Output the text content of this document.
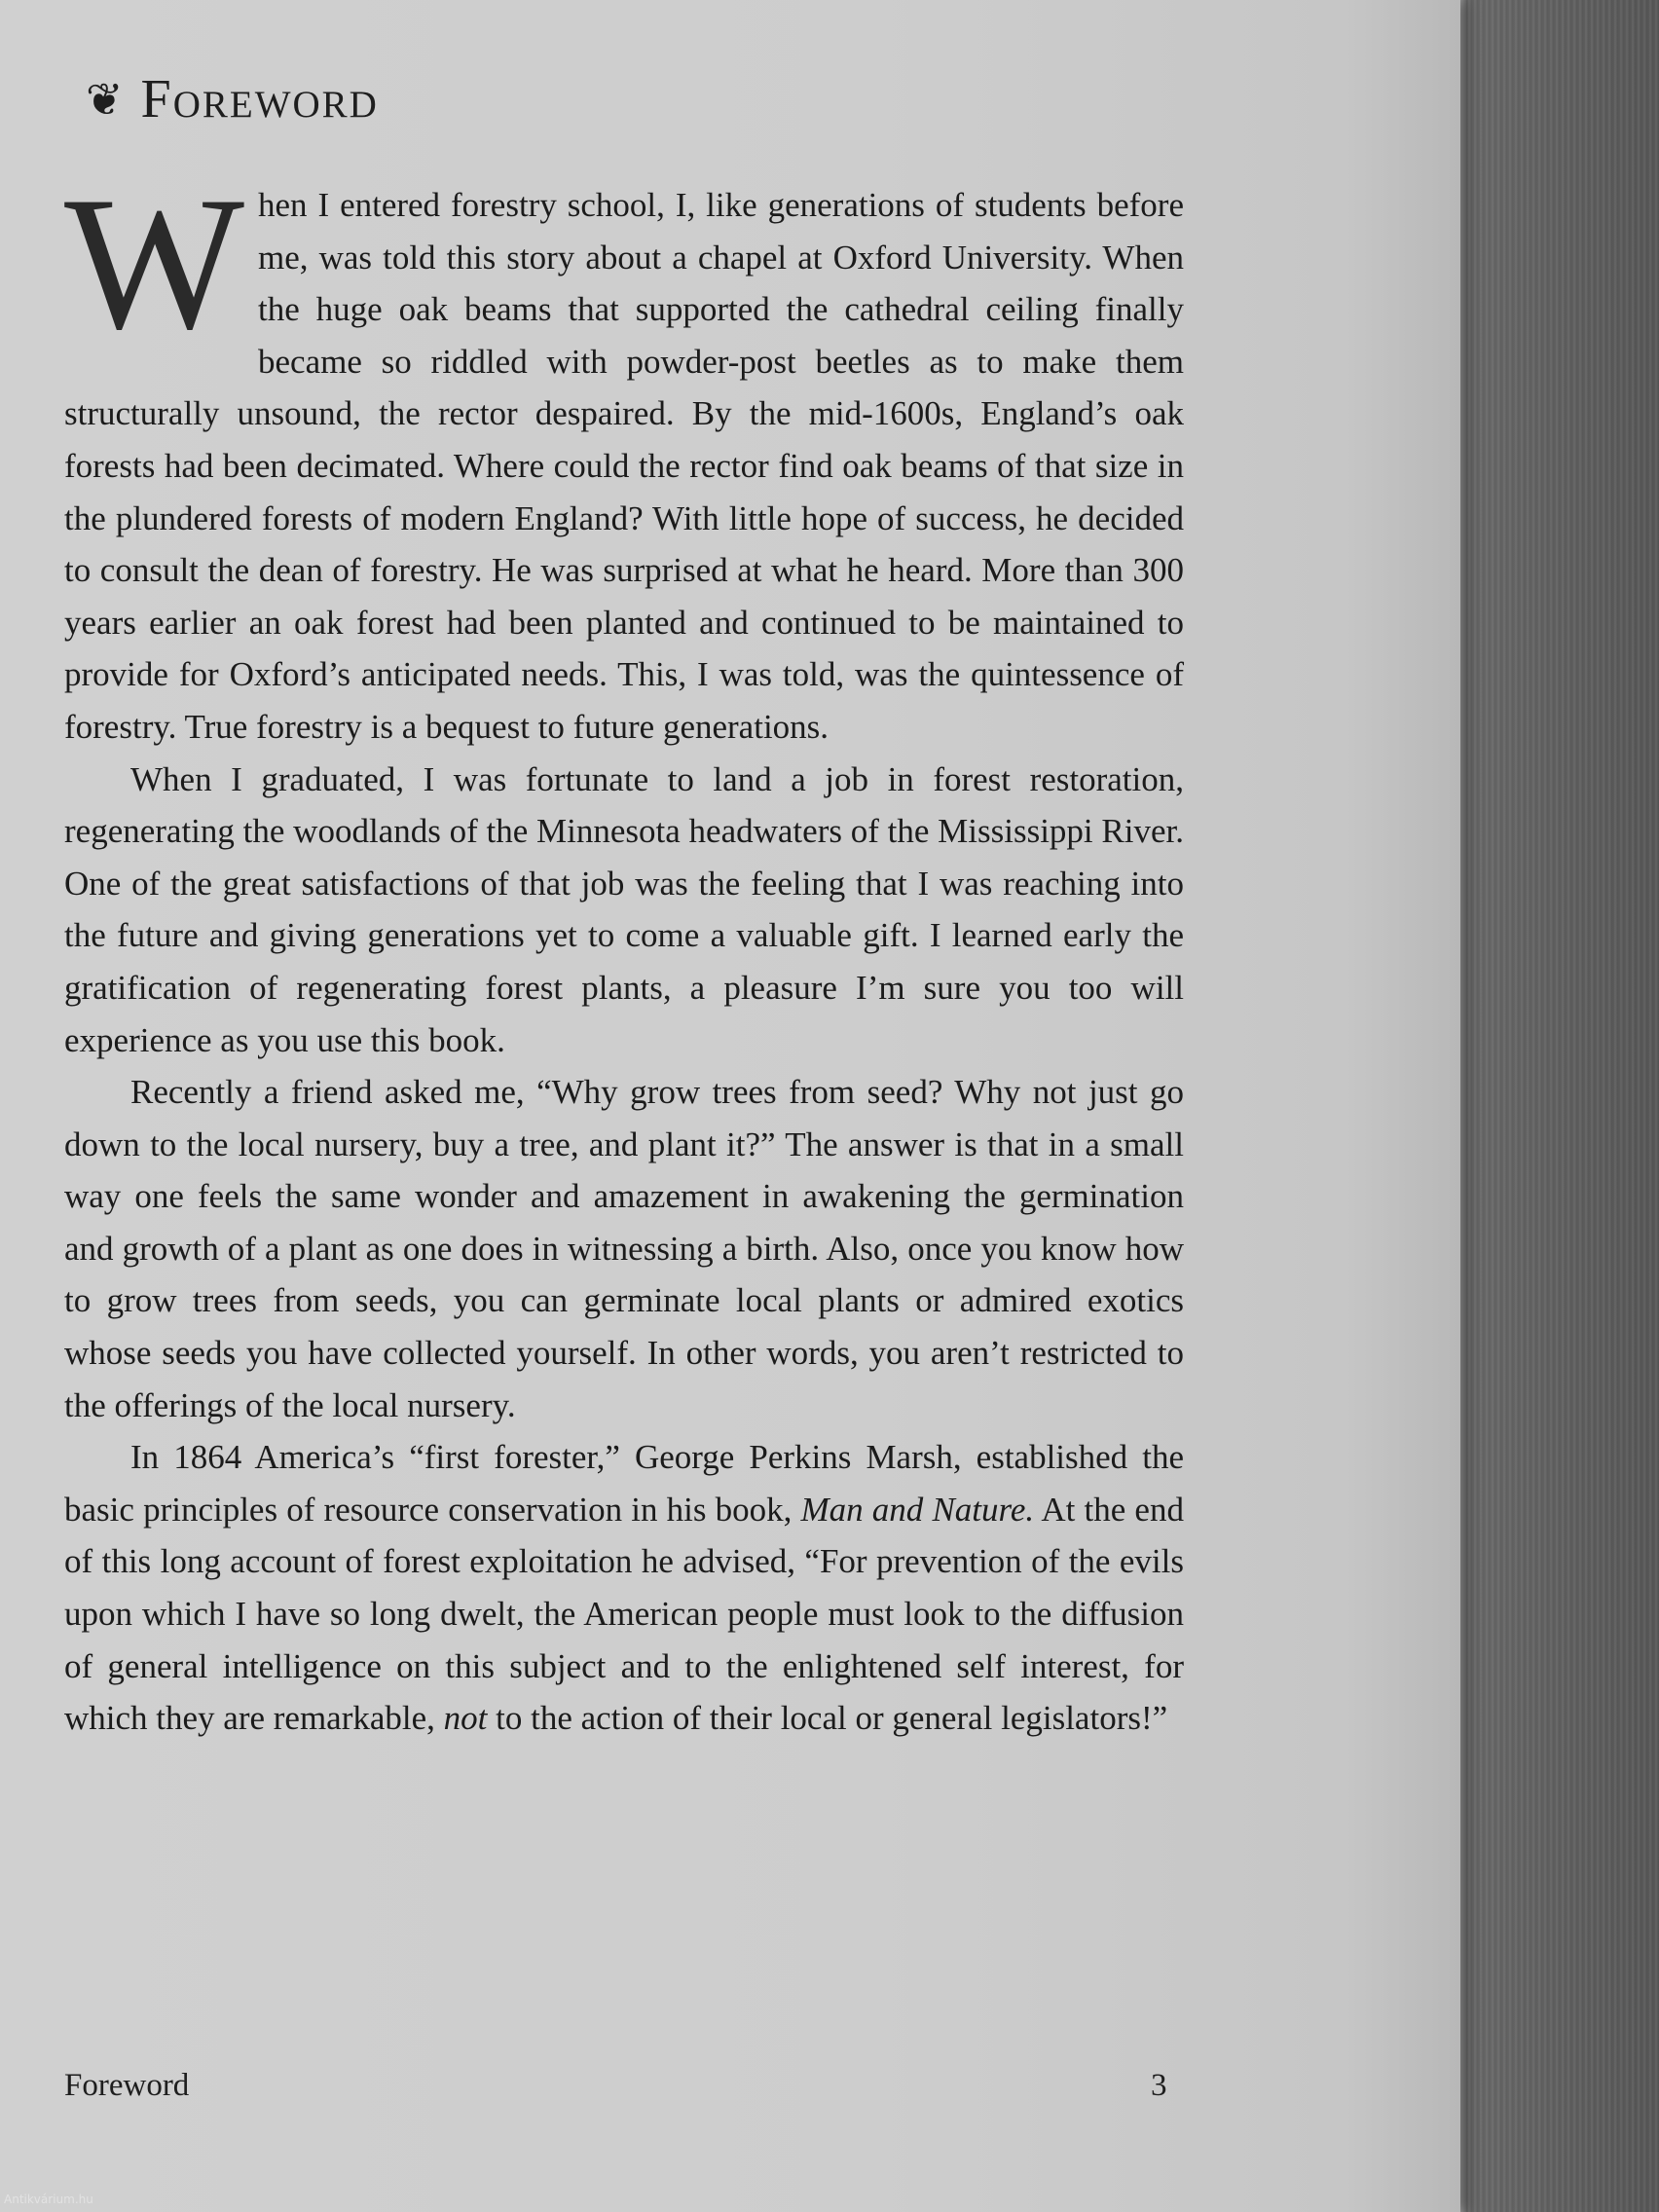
❦ Foreword

When I entered forestry school, I, like generations of students before me, was told this story about a chapel at Oxford University. When the huge oak beams that supported the cathedral ceiling finally became so riddled with powder-post beetles as to make them structurally unsound, the rector despaired. By the mid-1600s, England’s oak forests had been decimated. Where could the rector find oak beams of that size in the plundered forests of modern England? With little hope of success, he decided to consult the dean of forestry. He was surprised at what he heard. More than 300 years earlier an oak forest had been planted and continued to be maintained to provide for Oxford’s anticipated needs. This, I was told, was the quintessence of forestry. True forestry is a bequest to future generations.

When I graduated, I was fortunate to land a job in forest restoration, regenerating the woodlands of the Minnesota headwaters of the Mississippi River. One of the great satisfactions of that job was the feeling that I was reaching into the future and giving generations yet to come a valuable gift. I learned early the gratification of regenerating forest plants, a pleasure I’m sure you too will experience as you use this book.

Recently a friend asked me, “Why grow trees from seed? Why not just go down to the local nursery, buy a tree, and plant it?” The answer is that in a small way one feels the same wonder and amazement in awakening the germination and growth of a plant as one does in witnessing a birth. Also, once you know how to grow trees from seeds, you can germinate local plants or admired exotics whose seeds you have collected yourself. In other words, you aren’t restricted to the offerings of the local nursery.

In 1864 America’s “first forester,” George Perkins Marsh, established the basic principles of resource conservation in his book, Man and Nature. At the end of this long account of forest exploitation he advised, “For prevention of the evils upon which I have so long dwelt, the American people must look to the diffusion of general intelligence on this subject and to the enlightened self interest, for which they are remarkable, not to the action of their local or general legislators!”

Foreword	3
Antikvárium.hu
